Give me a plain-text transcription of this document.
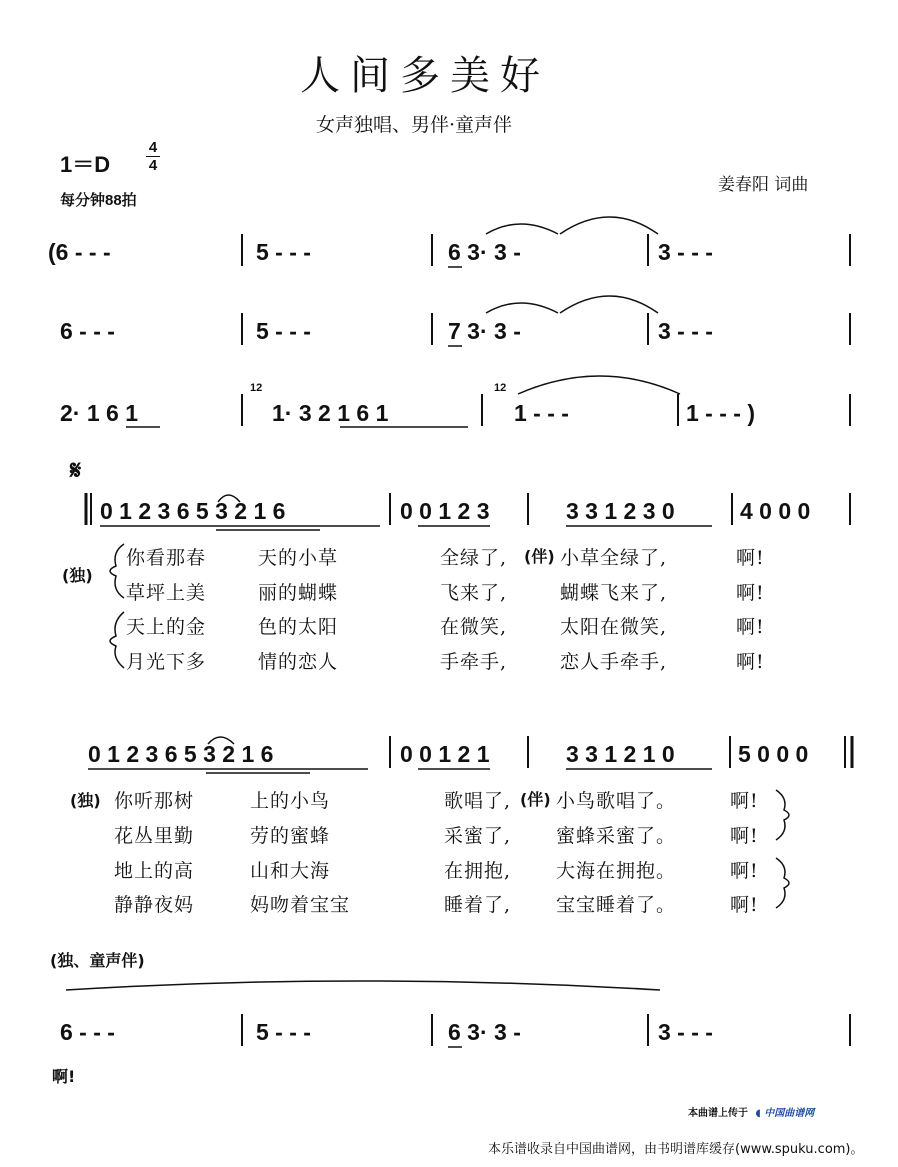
人间多美好
女声独唱、男伴·童声伴
1＝D
4
4
每分钟88拍
姜春阳 词曲
(6 - - -	5 - - -	6 3· 3 -	3 - - -
6 - - -	5 - - -	7 3· 3 -	3 - - -
2· 1 6 1
12
1· 3 2 1 6 1
12
1 - - -	1 - - - )
𝄋
0 1 2 3 6 5 3 2 1 6	0 0 1 2 3	3 3 1 2 3 0	4 0 0 0
(独)
你看那春	天的小草	全绿了, (伴) 小草全绿了,	啊!
草坪上美	丽的蝴蝶	飞来了,	蝴蝶飞来了,	啊!
天上的金	色的太阳	在微笑,	太阳在微笑,	啊!
月光下多	情的恋人	手牵手,	恋人手牵手,	啊!
0 1 2 3 6 5 3 2 1 6	0 0 1 2 1	3 3 1 2 1 0	5 0 0 0
(独) 你听那树	上的小鸟	歌唱了, (伴) 小鸟歌唱了。	啊!
花丛里勤	劳的蜜蜂	采蜜了, 蜜蜂采蜜了。	啊!
地上的高	山和大海	在拥抱, 大海在拥抱。	啊!
静静夜妈	妈吻着宝宝	睡着了, 宝宝睡着了。	啊!
(独、童声伴)
6 - - -	5 - - -	6 3· 3 -	3 - - -
啊!
本曲谱上传于 ◖ 中国曲谱网
本乐谱收录自中国曲谱网，由书明谱库缓存(www.spuku.com)。
